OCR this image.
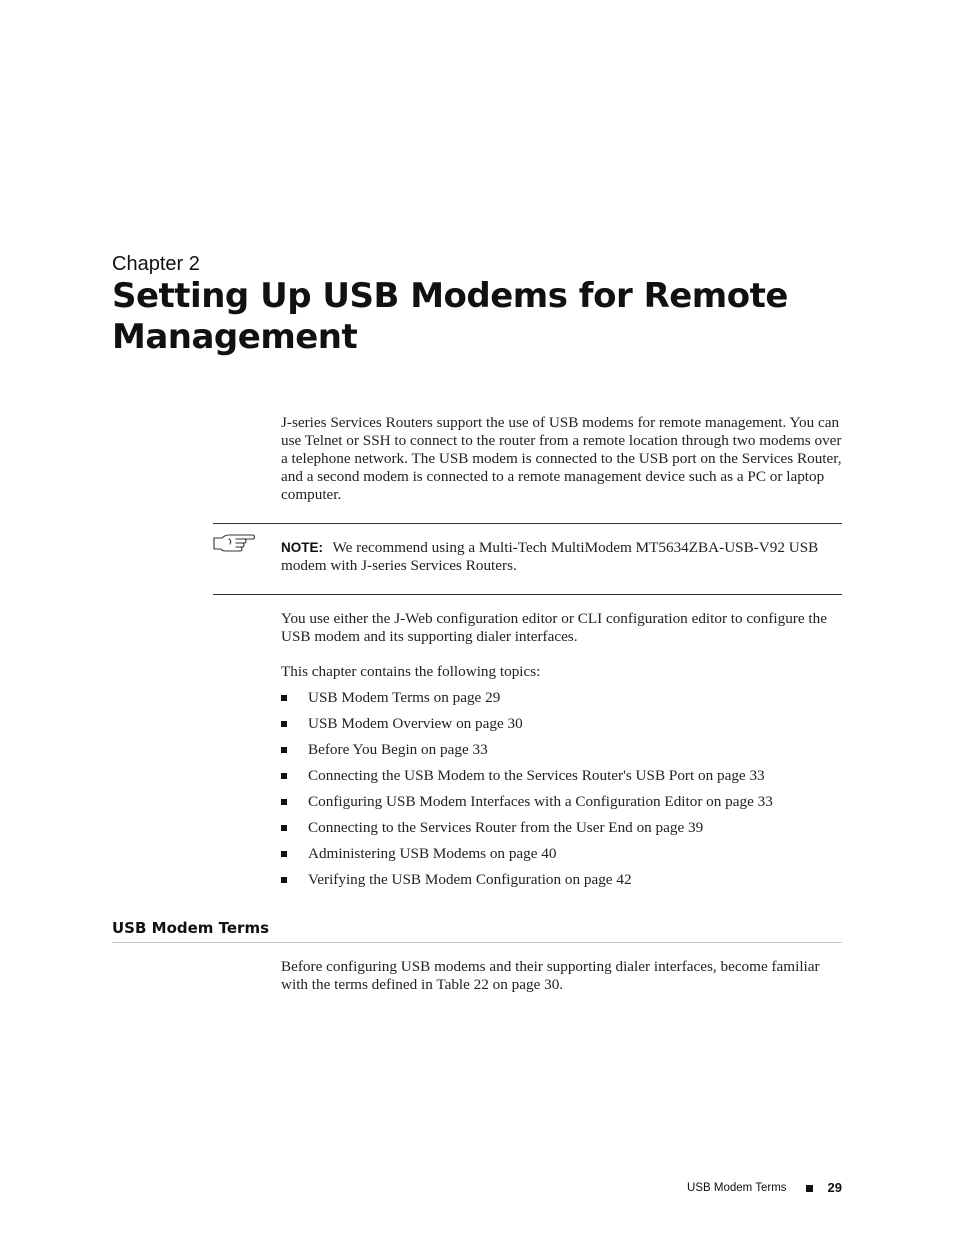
Chapter 2
Setting Up USB Modems for Remote Management

J-series Services Routers support the use of USB modems for remote management. You can use Telnet or SSH to connect to the router from a remote location through two modems over a telephone network. The USB modem is connected to the USB port on the Services Router, and a second modem is connected to a remote management device such as a PC or laptop computer.

NOTE: We recommend using a Multi-Tech MultiModem MT5634ZBA-USB-V92 USB modem with J-series Services Routers.

You use either the J-Web configuration editor or CLI configuration editor to configure the USB modem and its supporting dialer interfaces.

This chapter contains the following topics:

USB Modem Terms on page 29
USB Modem Overview on page 30
Before You Begin on page 33
Connecting the USB Modem to the Services Router's USB Port on page 33
Configuring USB Modem Interfaces with a Configuration Editor on page 33
Connecting to the Services Router from the User End on page 39
Administering USB Modems on page 40
Verifying the USB Modem Configuration on page 42
USB Modem Terms

Before configuring USB modems and their supporting dialer interfaces, become familiar with the terms defined in Table 22 on page 30.

USB Modem Terms	29
